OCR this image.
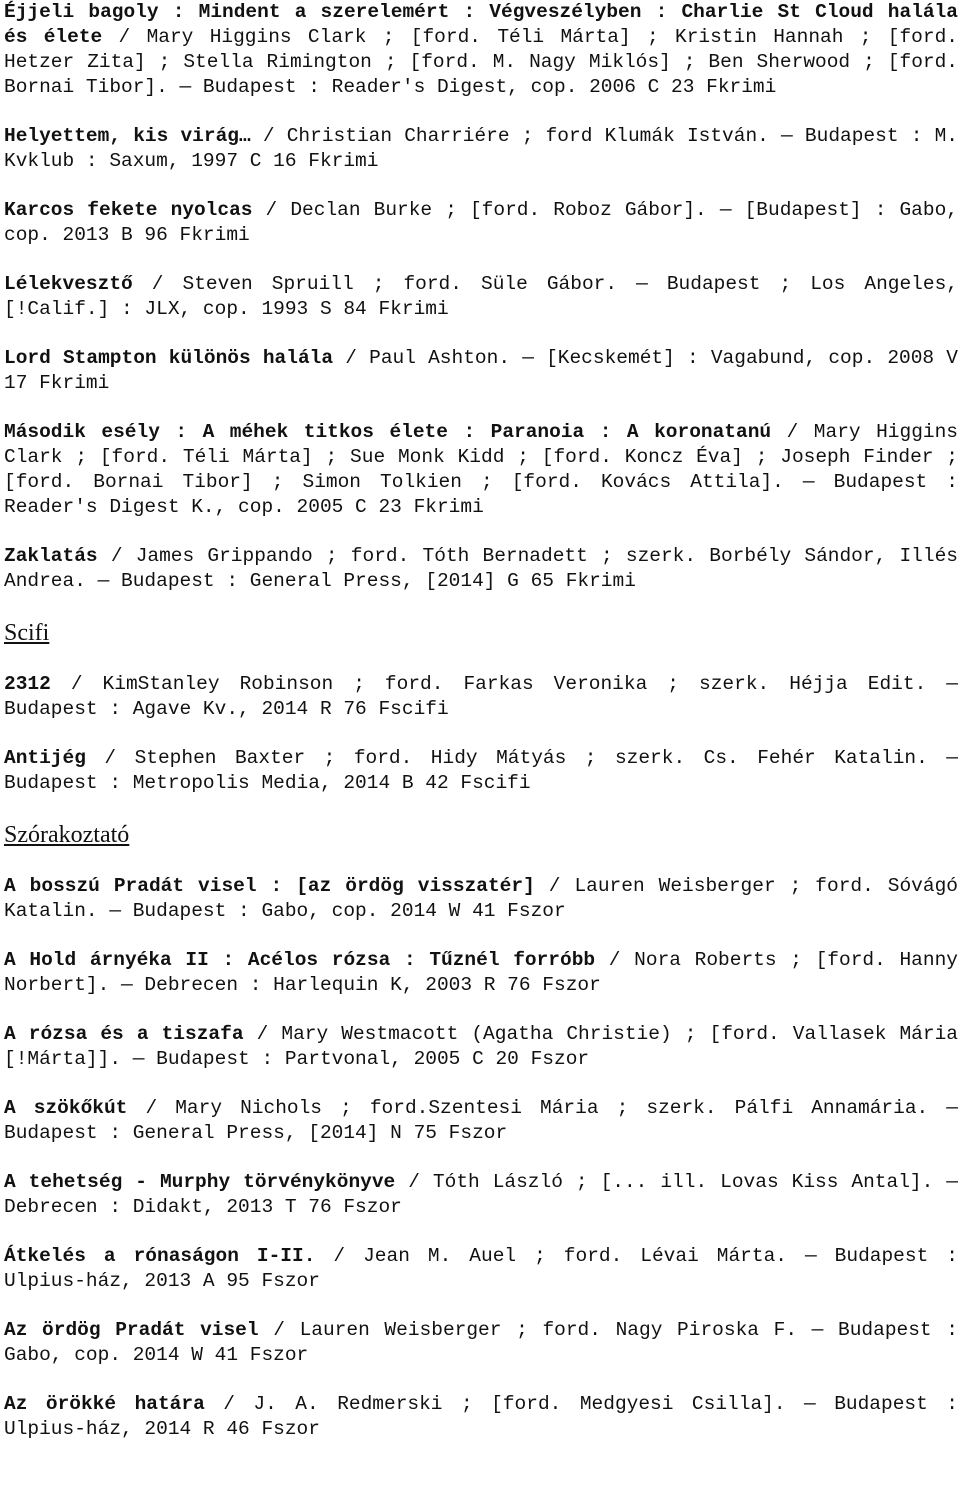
Éjjeli bagoly : Mindent a szerelemért : Végveszélyben : Charlie St Cloud halála és élete / Mary Higgins Clark ; [ford. Téli Márta] ; Kristin Hannah ; [ford. Hetzer Zita] ; Stella Rimington ; [ford. M. Nagy Miklós] ; Ben Sherwood ; [ford. Bornai Tibor]. — Budapest : Reader's Digest, cop. 2006 C 23 Fkrimi
Helyettem, kis virág… / Christian Charriére ; ford Klumák István. — Budapest : M. Kvklub : Saxum, 1997 C 16 Fkrimi
Karcos fekete nyolcas / Declan Burke ; [ford. Roboz Gábor]. — [Budapest] : Gabo, cop. 2013 B 96 Fkrimi
Lélekvesztő / Steven Spruill ; ford. Süle Gábor. — Budapest ; Los Angeles, [!Calif.] : JLX, cop. 1993 S 84 Fkrimi
Lord Stampton különös halála / Paul Ashton. — [Kecskemét] : Vagabund, cop. 2008 V 17 Fkrimi
Második esély : A méhek titkos élete : Paranoia : A koronatanú / Mary Higgins Clark ; [ford. Téli Márta] ; Sue Monk Kidd ; [ford. Koncz Éva] ; Joseph Finder ; [ford. Bornai Tibor] ; Simon Tolkien ; [ford. Kovács Attila]. — Budapest : Reader's Digest K., cop. 2005 C 23 Fkrimi
Zaklatás / James Grippando ; ford. Tóth Bernadett ; szerk. Borbély Sándor, Illés Andrea. — Budapest : General Press, [2014] G 65 Fkrimi
Scifi
2312 / KimStanley Robinson ; ford. Farkas Veronika ; szerk. Héjja Edit. — Budapest : Agave Kv., 2014 R 76 Fscifi
Antijég / Stephen Baxter ; ford. Hidy Mátyás ; szerk. Cs. Fehér Katalin. — Budapest : Metropolis Media, 2014 B 42 Fscifi
Szórakoztató
A bosszú Pradát visel : [az ördög visszatér] / Lauren Weisberger ; ford. Sóvágó Katalin. — Budapest : Gabo, cop. 2014 W 41 Fszor
A Hold árnyéka II : Acélos rózsa : Tűznél forróbb / Nora Roberts ; [ford. Hanny Norbert]. — Debrecen : Harlequin K, 2003 R 76 Fszor
A rózsa és a tiszafa / Mary Westmacott (Agatha Christie) ; [ford. Vallasek Mária [!Márta]]. — Budapest : Partvonal, 2005 C 20 Fszor
A szökőkút / Mary Nichols ; ford.Szentesi Mária ; szerk. Pálfi Annamária. — Budapest : General Press, [2014] N 75 Fszor
A tehetség - Murphy törvénykönyve / Tóth László ; [... ill. Lovas Kiss Antal]. — Debrecen : Didakt, 2013 T 76 Fszor
Átkelés a rónaságon I-II. / Jean M. Auel ; ford. Lévai Márta. — Budapest : Ulpius-ház, 2013 A 95 Fszor
Az ördög Pradát visel / Lauren Weisberger ; ford. Nagy Piroska F. — Budapest : Gabo, cop. 2014 W 41 Fszor
Az örökké határa / J. A. Redmerski ; [ford. Medgyesi Csilla]. — Budapest : Ulpius-ház, 2014 R 46 Fszor
